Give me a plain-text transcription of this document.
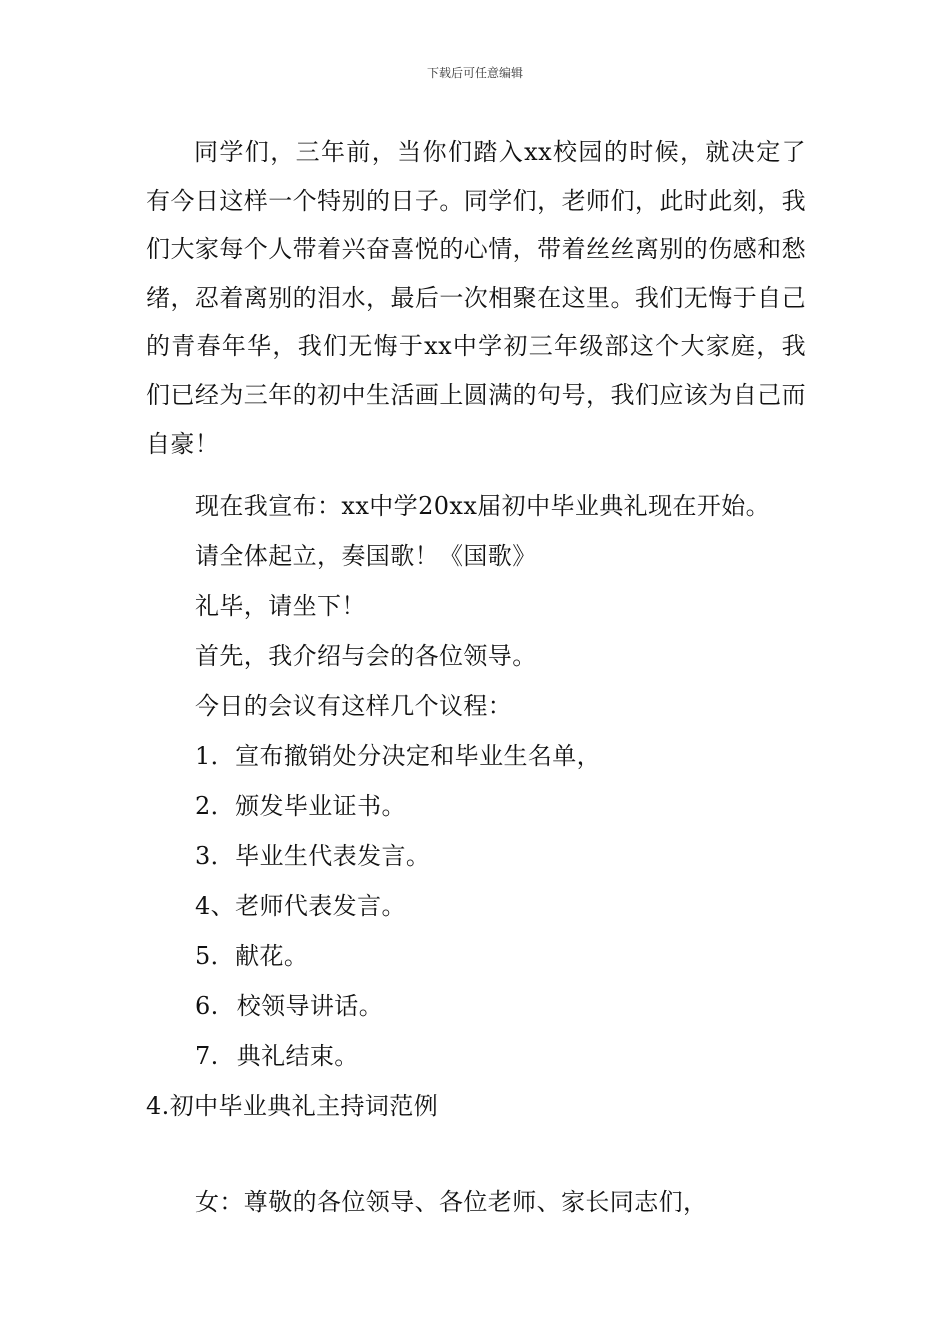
下载后可任意编辑

同学们，三年前，当你们踏入xx校园的时候，就决定了有今日这样一个特别的日子。同学们，老师们，此时此刻，我们大家每个人带着兴奋喜悦的心情，带着丝丝离别的伤感和愁绪，忍着离别的泪水，最后一次相聚在这里。我们无悔于自己的青春年华，我们无悔于xx中学初三年级部这个大家庭，我们已经为三年的初中生活画上圆满的句号，我们应该为自己而自豪！

现在我宣布：xx中学20xx届初中毕业典礼现在开始。

请全体起立，奏国歌！《国歌》

礼毕，请坐下！

首先，我介绍与会的各位领导。

今日的会议有这样几个议程：

1．宣布撤销处分决定和毕业生名单，

2．颁发毕业证书。

3．毕业生代表发言。

4、老师代表发言。

5．献花。

6. 校领导讲话。

7. 典礼结束。

4.初中毕业典礼主持词范例

女：尊敬的各位领导、各位老师、家长同志们，
